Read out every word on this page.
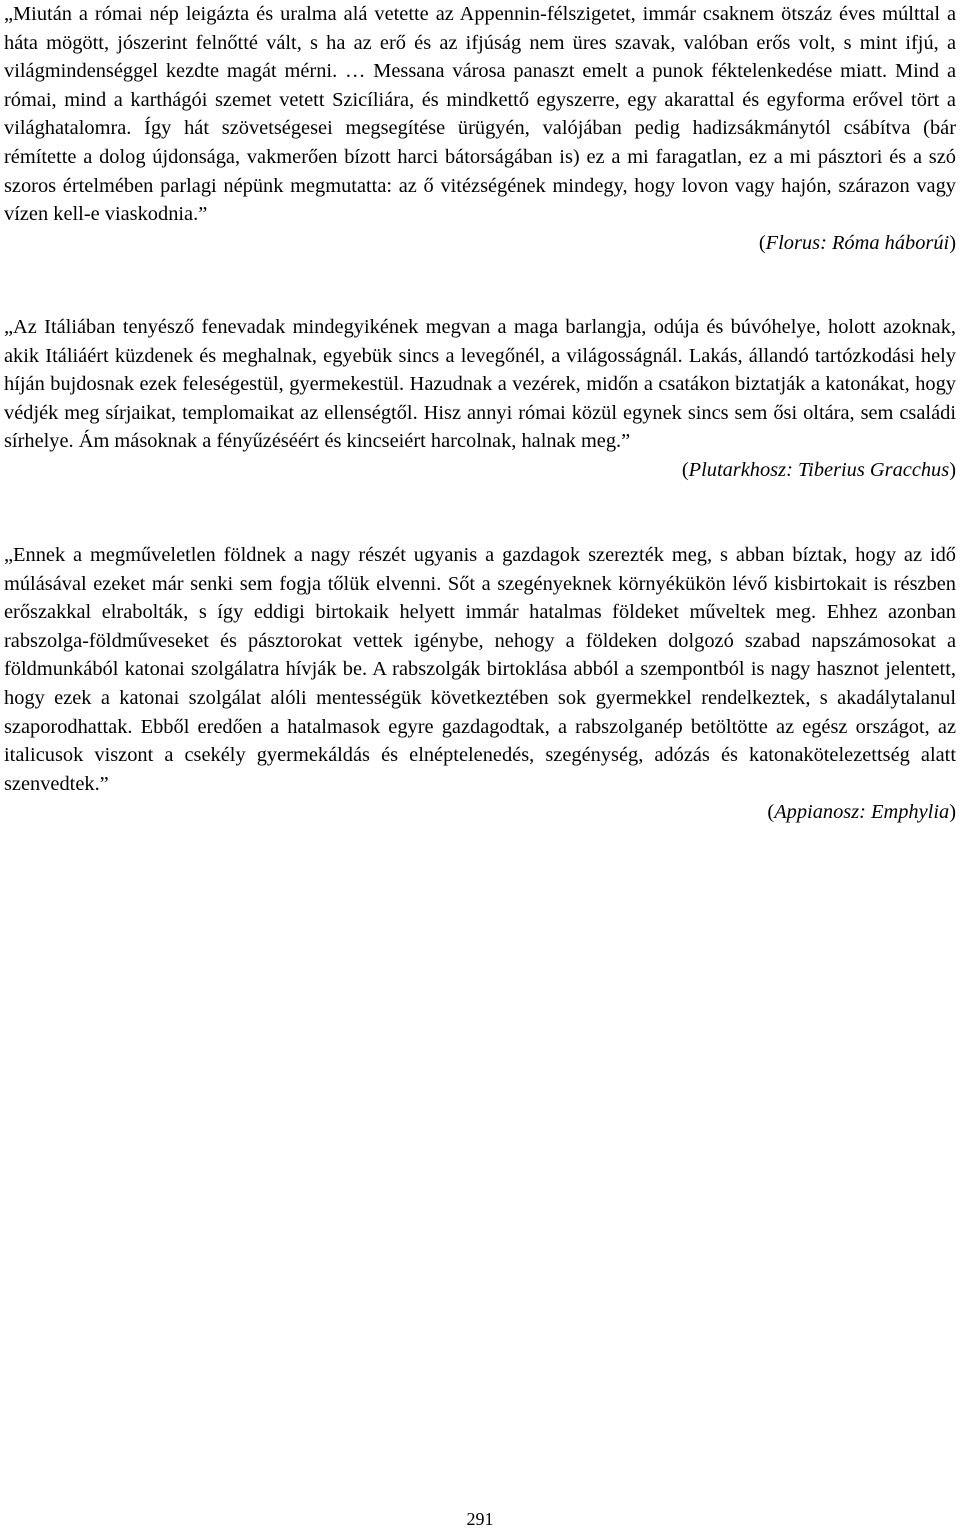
„Miután a római nép leigázta és uralma alá vetette az Appennin-félszigetet, immár csaknem ötszáz éves múlttal a háta mögött, jószerint felnőtté vált, s ha az erő és az ifjúság nem üres szavak, valóban erős volt, s mint ifjú, a világmindenséggel kezdte magát mérni. … Messana városa panaszt emelt a punok féktelenkedése miatt. Mind a római, mind a karthágói szemet vetett Szicíliára, és mindkettő egyszerre, egy akarattal és egyforma erővel tört a világhatalomra. Így hát szövetségesei megsegítése ürügyén, valójában pedig hadizsákmánytól csábítva (bár rémítette a dolog újdonsága, vakmerően bízott harci bátorságában is) ez a mi faragatlan, ez a mi pásztori és a szó szoros értelmében parlagi népünk megmutatta: az ő vitézségének mindegy, hogy lovon vagy hajón, szárazon vagy vízen kell-e viaskodnia.”

(Florus: Róma háborúi)

„Az Itáliában tenyésző fenevadak mindegyikének megvan a maga barlangja, odúja és búvóhelye, holott azoknak, akik Itáliáért küzdenek és meghalnak, egyebük sincs a levegőnél, a világosságnál. Lakás, állandó tartózkodási hely híján bujdosnak ezek feleségestül, gyermekestül. Hazudnak a vezérek, midőn a csatákon biztatják a katonákat, hogy védjék meg sírjaikat, templomaikat az ellenségtől. Hisz annyi római közül egynek sincs sem ősi oltára, sem családi sírhelye. Ám másoknak a fényűzéséért és kincseiért harcolnak, halnak meg.”

(Plutarkhosz: Tiberius Gracchus)

„Ennek a megműveletlen földnek a nagy részét ugyanis a gazdagok szerezték meg, s abban bíztak, hogy az idő múlásával ezeket már senki sem fogja tőlük elvenni. Sőt a szegényeknek környékükön lévő kisbirtokait is részben erőszakkal elrabolták, s így eddigi birtokaik helyett immár hatalmas földeket műveltek meg. Ehhez azonban rabszolga-földműveseket és pásztorokat vettek igénybe, nehogy a földeken dolgozó szabad napszámosokat a földmunkából katonai szolgálatra hívják be. A rabszolgák birtoklása abból a szempontból is nagy hasznot jelentett, hogy ezek a katonai szolgálat alóli mentességük következtében sok gyermekkel rendelkeztek, s akadálytalanul szaporodhattak. Ebből eredően a hatalmasok egyre gazdagodtak, a rabszolganép betöltötte az egész országot, az italicusok viszont a csekély gyermekáldás és elnéptelenedés, szegénység, adózás és katonakötelezettség alatt szenvedtek.”

(Appianosz: Emphylia)

291
